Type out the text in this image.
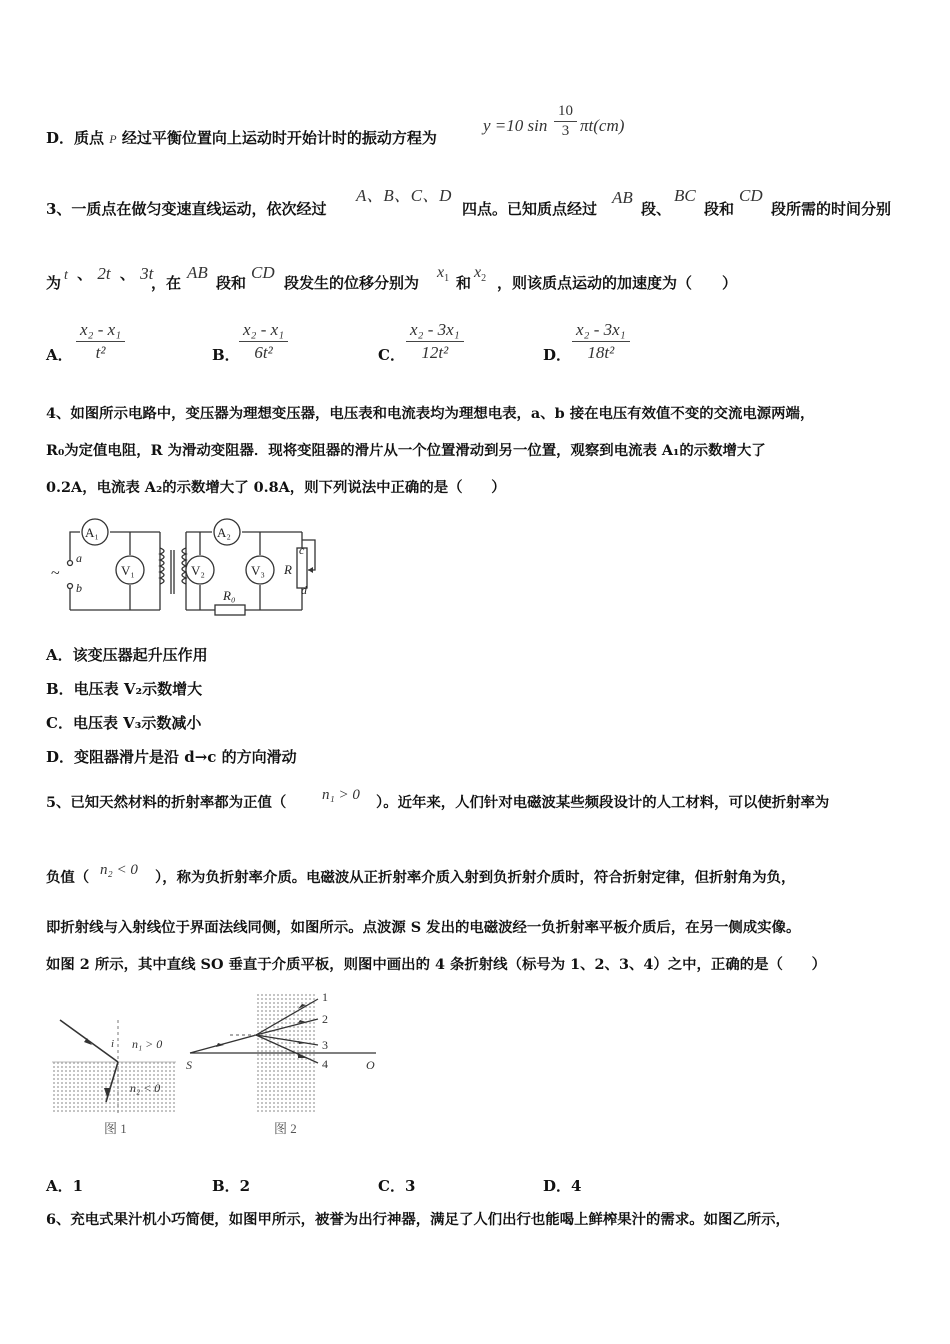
D．质点 P 经过平衡位置向上运动时开始计时的振动方程为
y =10 $\sin \frac{10}{3} \pi t(cm)$
3、一质点在做匀变速直线运动，依次经过
A、B、C、D
四点。已知质点经过
AB
段、
BC
段和
CD
段所需的时间分别
为 t 、 2t 、 3t
，在
AB
段和
CD
段发生的位移分别为
$x_1$ 和
$x_2$ ，则该质点运动的加速度为（　　）
A． $\frac{\text{x₂ - x₁}}{\text{t²}}$	B． $\frac{\text{x₂ - x₁}}{\text{6t²}}$	C． $\frac{\text{x₂ - 3x₁}}{\text{12t²}}$	D． $\frac{\text{x₂ - 3x₁}}{\text{18t²}}$
4、如图所示电路中，变压器为理想变压器，电压表和电流表均为理想电表，a、b 接在电压有效值不变的交流电源两端，
R₀为定值电阻，R 为滑动变阻器．现将变阻器的滑片从一个位置滑动到另一位置，观察到电流表 A₁的示数增大了
0.2A，电流表 A₂的示数增大了 0.8A，则下列说法中正确的是（　　）
A₁	A₂
V₁	V₂	V₃
R₀
R
c
d
a
b
~
A．该变压器起升压作用
B．电压表 V₂示数增大
C．电压表 V₃示数减小
D．变阻器滑片是沿 d→c 的方向滑动
5、已知天然材料的折射率都为正值（ n₁ > 0 ）。近年来，人们针对电磁波某些频段设计的人工材料，可以使折射率为
负值（ n₂ < 0 ），称为负折射率介质。电磁波从正折射率介质入射到负折射介质时，符合折射定律，但折射角为负，
即折射线与入射线位于界面法线同侧，如图所示。点波源 S 发出的电磁波经一负折射率平板介质后，在另一侧成实像。
如图 2 所示，其中直线 SO 垂直于介质平板，则图中画出的 4 条折射线（标号为 1、2、3、4）之中，正确的是（　　）
i n₁ > 0
n₂ < 0
图 1
1
2
3
4
S	O
图 2
A．1	B．2	C．3	D．4
6、充电式果汁机小巧简便，如图甲所示，被誉为出行神器，满足了人们出行也能喝上鲜榨果汁的需求。如图乙所示，
